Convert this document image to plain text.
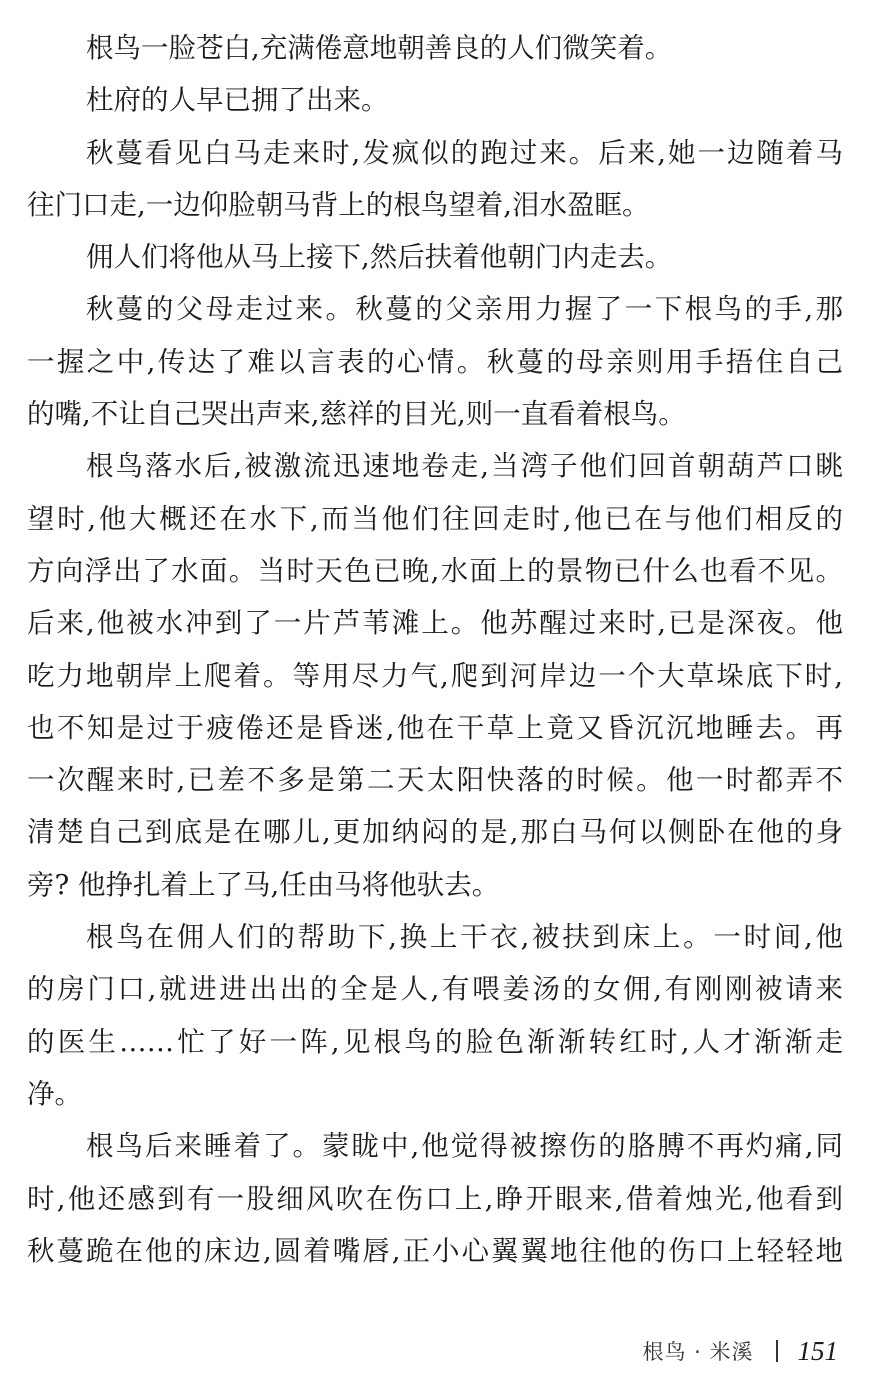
根鸟一脸苍白,充满倦意地朝善良的人们微笑着。
杜府的人早已拥了出来。
秋蔓看见白马走来时,发疯似的跑过来。后来,她一边随着马
往门口走,一边仰脸朝马背上的根鸟望着,泪水盈眶。
佣人们将他从马上接下,然后扶着他朝门内走去。
秋蔓的父母走过来。秋蔓的父亲用力握了一下根鸟的手,那
一握之中,传达了难以言表的心情。秋蔓的母亲则用手捂住自己
的嘴,不让自己哭出声来,慈祥的目光,则一直看着根鸟。
根鸟落水后,被激流迅速地卷走,当湾子他们回首朝葫芦口眺
望时,他大概还在水下,而当他们往回走时,他已在与他们相反的
方向浮出了水面。当时天色已晚,水面上的景物已什么也看不见。
后来,他被水冲到了一片芦苇滩上。他苏醒过来时,已是深夜。他
吃力地朝岸上爬着。等用尽力气,爬到河岸边一个大草垛底下时,
也不知是过于疲倦还是昏迷,他在干草上竟又昏沉沉地睡去。再
一次醒来时,已差不多是第二天太阳快落的时候。他一时都弄不
清楚自己到底是在哪儿,更加纳闷的是,那白马何以侧卧在他的身
旁? 他挣扎着上了马,任由马将他驮去。
根鸟在佣人们的帮助下,换上干衣,被扶到床上。一时间,他
的房门口,就进进出出的全是人,有喂姜汤的女佣,有刚刚被请来
的医生……忙了好一阵,见根鸟的脸色渐渐转红时,人才渐渐走
净。
根鸟后来睡着了。蒙眬中,他觉得被擦伤的胳膊不再灼痛,同
时,他还感到有一股细风吹在伤口上,睁开眼来,借着烛光,他看到
秋蔓跪在他的床边,圆着嘴唇,正小心翼翼地往他的伤口上轻轻地
根鸟 · 米溪 151
